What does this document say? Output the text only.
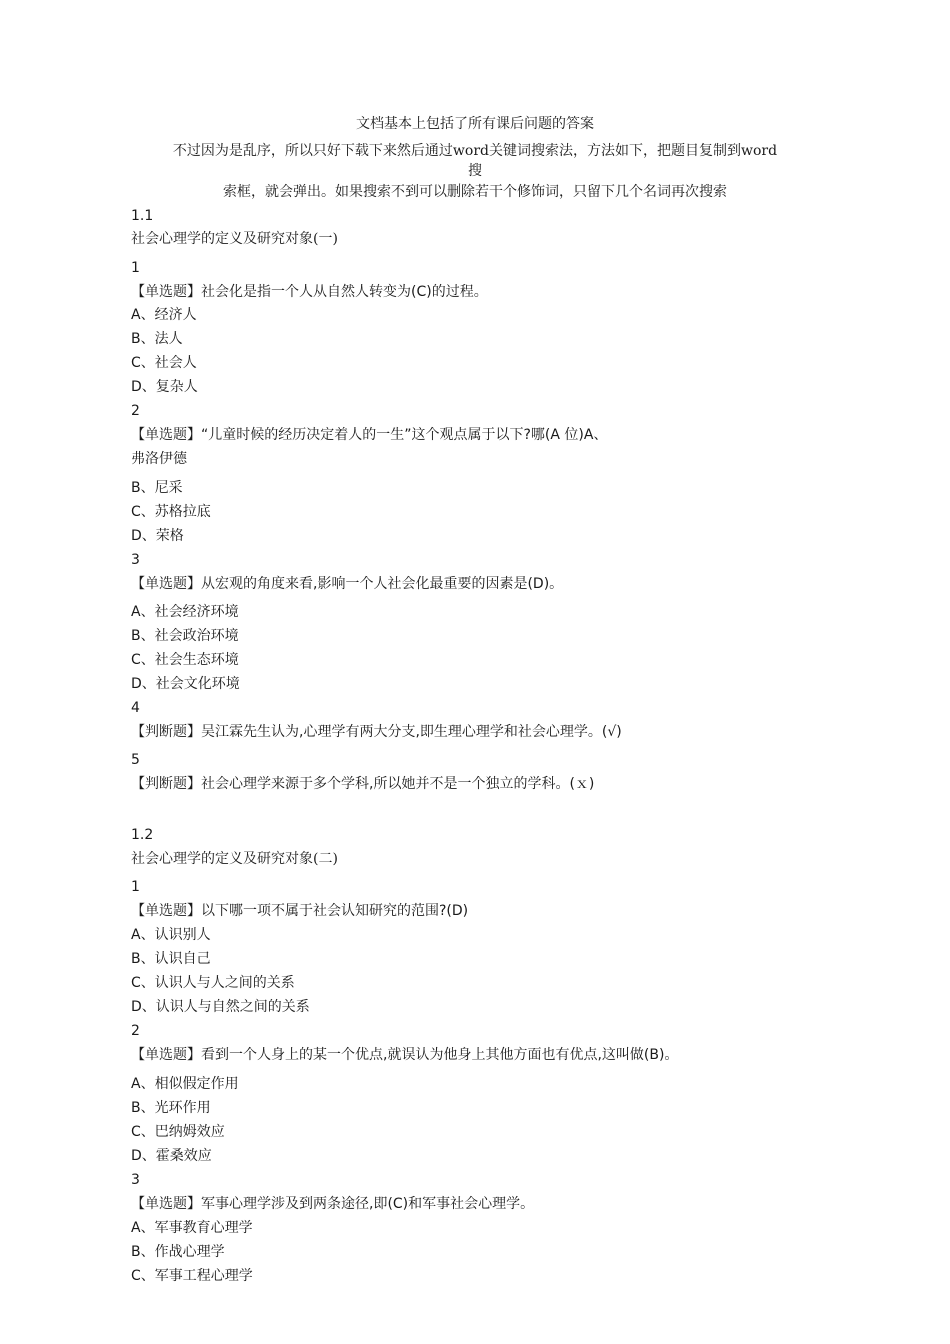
文档基本上包括了所有课后问题的答案
不过因为是乱序，所以只好下载下来然后通过word关键词搜索法，方法如下，把题目复制到word
搜
索框，就会弹出。如果搜索不到可以删除若干个修饰词，只留下几个名词再次搜索
1.1
社会心理学的定义及研究对象(一)
1
【单选题】社会化是指一个人从自然人转变为(C)的过程。
A、经济人
B、法人
C、社会人
D、复杂人
2
【单选题】“儿童时候的经历决定着人的一生”这个观点属于以下?哪(A 位)A、
弗洛伊德
B、尼采
C、苏格拉底
D、荣格
3
【单选题】从宏观的角度来看,影响一个人社会化最重要的因素是(D)。
A、社会经济环境
B、社会政治环境
C、社会生态环境
D、社会文化环境
4
【判断题】吴江霖先生认为,心理学有两大分支,即生理心理学和社会心理学。(√)
5
【判断题】社会心理学来源于多个学科,所以她并不是一个独立的学科。(ｘ)
1.2
社会心理学的定义及研究对象(二)
1
【单选题】以下哪一项不属于社会认知研究的范围?(D)
A、认识别人
B、认识自己
C、认识人与人之间的关系
D、认识人与自然之间的关系
2
【单选题】看到一个人身上的某一个优点,就误认为他身上其他方面也有优点,这叫做(B)。
A、相似假定作用
B、光环作用
C、巴纳姆效应
D、霍桑效应
3
【单选题】军事心理学涉及到两条途径,即(C)和军事社会心理学。
A、军事教育心理学
B、作战心理学
C、军事工程心理学
